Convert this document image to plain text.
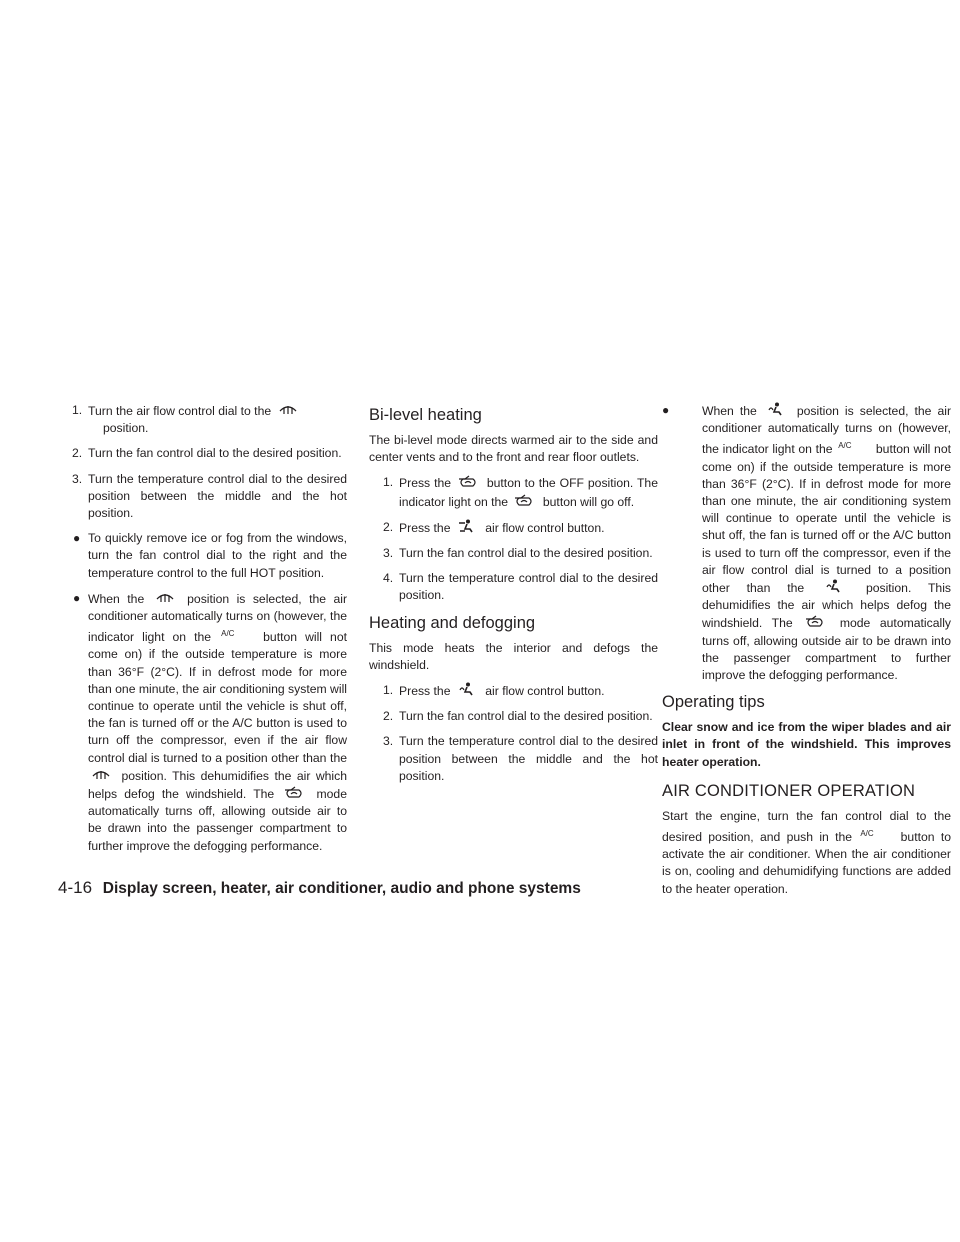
1. Turn the air flow control dial to the
position.
2. Turn the fan control dial to the desired position.
3. Turn the temperature control dial to the desired position between the middle and the hot position.
● To quickly remove ice or fog from the windows, turn the fan control dial to the right and the temperature control to the full HOT position.
● When the	position is selected, the air conditioner automatically turns on (however, the indicator light on the A/C button will not come on) if the outside temperature is more than 36°F (2°C). If in defrost mode for more than one minute, the air conditioning system will continue to operate until the vehicle is shut off, the fan is turned off or the A/C button is used to turn off the compressor, even if the air flow control dial is turned to a position other than the
position. This dehumidifies the air which helps defog the windshield. The	mode automatically turns off, allowing outside air to be drawn into the passenger compartment to further improve the defogging performance.
Bi-level heating

The bi-level mode directs warmed air to the side and center vents and to the front and rear floor outlets.

1. Press the	button to the OFF position. The indicator light on the	button will go off.
2. Press the	air flow control button.
3. Turn the fan control dial to the desired position.
4. Turn the temperature control dial to the desired position.
Heating and defogging

This mode heats the interior and defogs the windshield.

1. Press the	air flow control button.
2. Turn the fan control dial to the desired position.
3. Turn the temperature control dial to the desired position between the middle and the hot position.
●	When the	position is selected, the air conditioner automatically turns on (however, the indicator light on the A/C button will not come on) if the outside temperature is more than 36°F (2°C). If in defrost mode for more than one minute, the air conditioning system will continue to operate until the vehicle is shut off, the fan is turned off or the A/C button is used to turn off the compressor, even if the air flow control dial is turned to a position other than the	position. This dehumidifies the air which helps defog the windshield. The	mode automatically turns off, allowing outside air to be drawn into the passenger compartment to further improve the defogging performance.
Operating tips

Clear snow and ice from the wiper blades and air inlet in front of the windshield. This improves heater operation.

AIR CONDITIONER OPERATION

Start the engine, turn the fan control dial to the desired position, and push in the A/C button to activate the air conditioner. When the air conditioner is on, cooling and dehumidifying functions are added to the heater operation.

4-16 Display screen, heater, air conditioner, audio and phone systems
